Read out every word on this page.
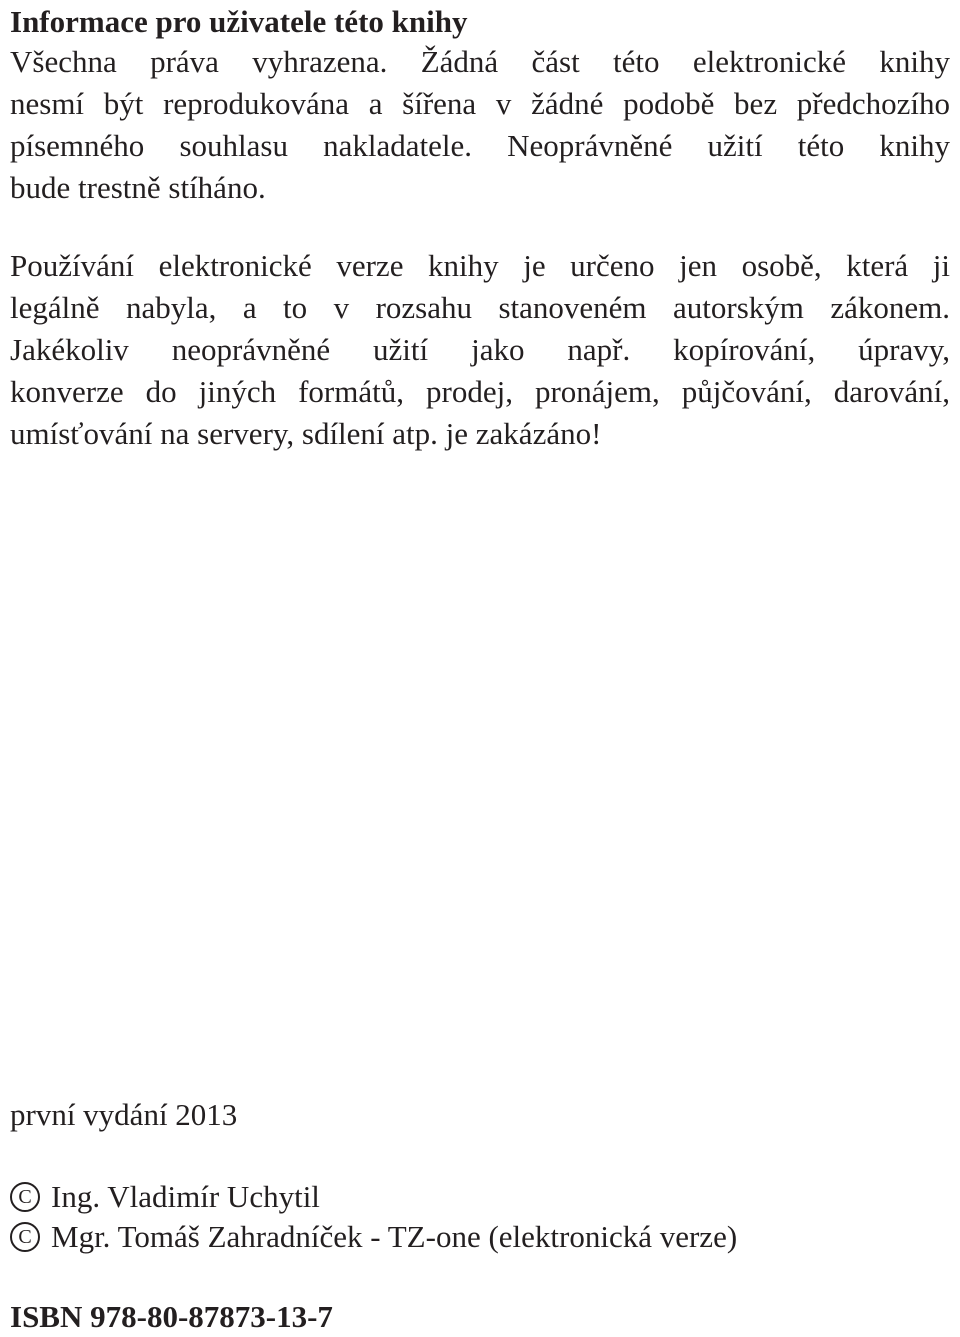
Informace pro uživatele této knihy
Všechna práva vyhrazena. Žádná část této elektronické knihy
nesmí být reprodukována a šířena v žádné podobě bez předchozího
písemného souhlasu nakladatele. Neoprávněné užití této knihy
bude trestně stíháno.
Používání elektronické verze knihy je určeno jen osobě, která ji
legálně nabyla, a to v rozsahu stanoveném autorským zákonem.
Jakékoliv neoprávněné užití jako např. kopírování, úpravy,
konverze do jiných formátů, prodej, pronájem, půjčování, darování,
umísťování na servery, sdílení atp. je zakázáno!
první vydání 2013
C Ing. Vladimír Uchytil
C Mgr. Tomáš Zahradníček - TZ-one (elektronická verze)
ISBN 978-80-87873-13-7
